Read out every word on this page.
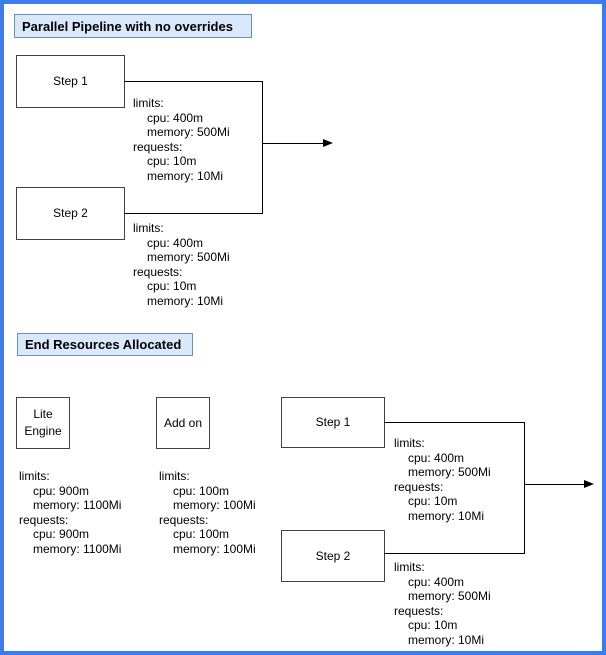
Parallel Pipeline with no overrides
Step 1
Step 2
limits:
cpu: 400m
memory: 500Mi
requests:
cpu: 10m
memory: 10Mi
limits:
cpu: 400m
memory: 500Mi
requests:
cpu: 10m
memory: 10Mi
End Resources Allocated
Lite
Engine
Add on	Step 1
Step 2
limits:
cpu: 900m
memory: 1100Mi
requests:
cpu: 900m
memory: 1100Mi
limits:
cpu: 100m
memory: 100Mi
requests:
cpu: 100m
memory: 100Mi
limits:
cpu: 400m
memory: 500Mi
requests:
cpu: 10m
memory: 10Mi
limits:
cpu: 400m
memory: 500Mi
requests:
cpu: 10m
memory: 10Mi
